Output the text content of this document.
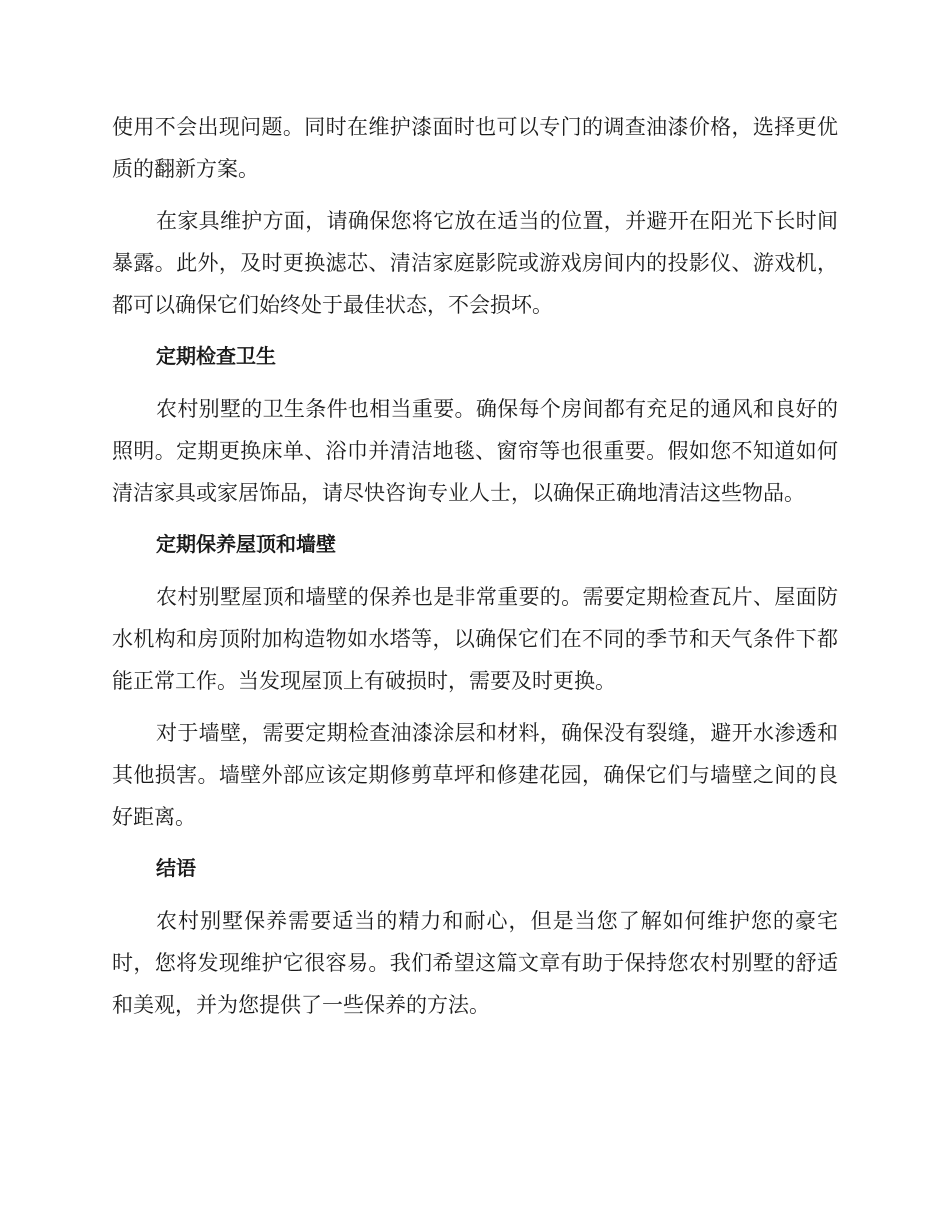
使用不会出现问题。同时在维护漆面时也可以专门的调查油漆价格，选择更优质的翻新方案。

在家具维护方面，请确保您将它放在适当的位置，并避开在阳光下长时间暴露。此外，及时更换滤芯、清洁家庭影院或游戏房间内的投影仪、游戏机，都可以确保它们始终处于最佳状态，不会损坏。

定期检查卫生

农村别墅的卫生条件也相当重要。确保每个房间都有充足的通风和良好的照明。定期更换床单、浴巾并清洁地毯、窗帘等也很重要。假如您不知道如何清洁家具或家居饰品，请尽快咨询专业人士，以确保正确地清洁这些物品。

定期保养屋顶和墙壁

农村别墅屋顶和墙壁的保养也是非常重要的。需要定期检查瓦片、屋面防水机构和房顶附加构造物如水塔等，以确保它们在不同的季节和天气条件下都能正常工作。当发现屋顶上有破损时，需要及时更换。

对于墙壁，需要定期检查油漆涂层和材料，确保没有裂缝，避开水渗透和其他损害。墙壁外部应该定期修剪草坪和修建花园，确保它们与墙壁之间的良好距离。

结语

农村别墅保养需要适当的精力和耐心，但是当您了解如何维护您的豪宅时，您将发现维护它很容易。我们希望这篇文章有助于保持您农村别墅的舒适和美观，并为您提供了一些保养的方法。
